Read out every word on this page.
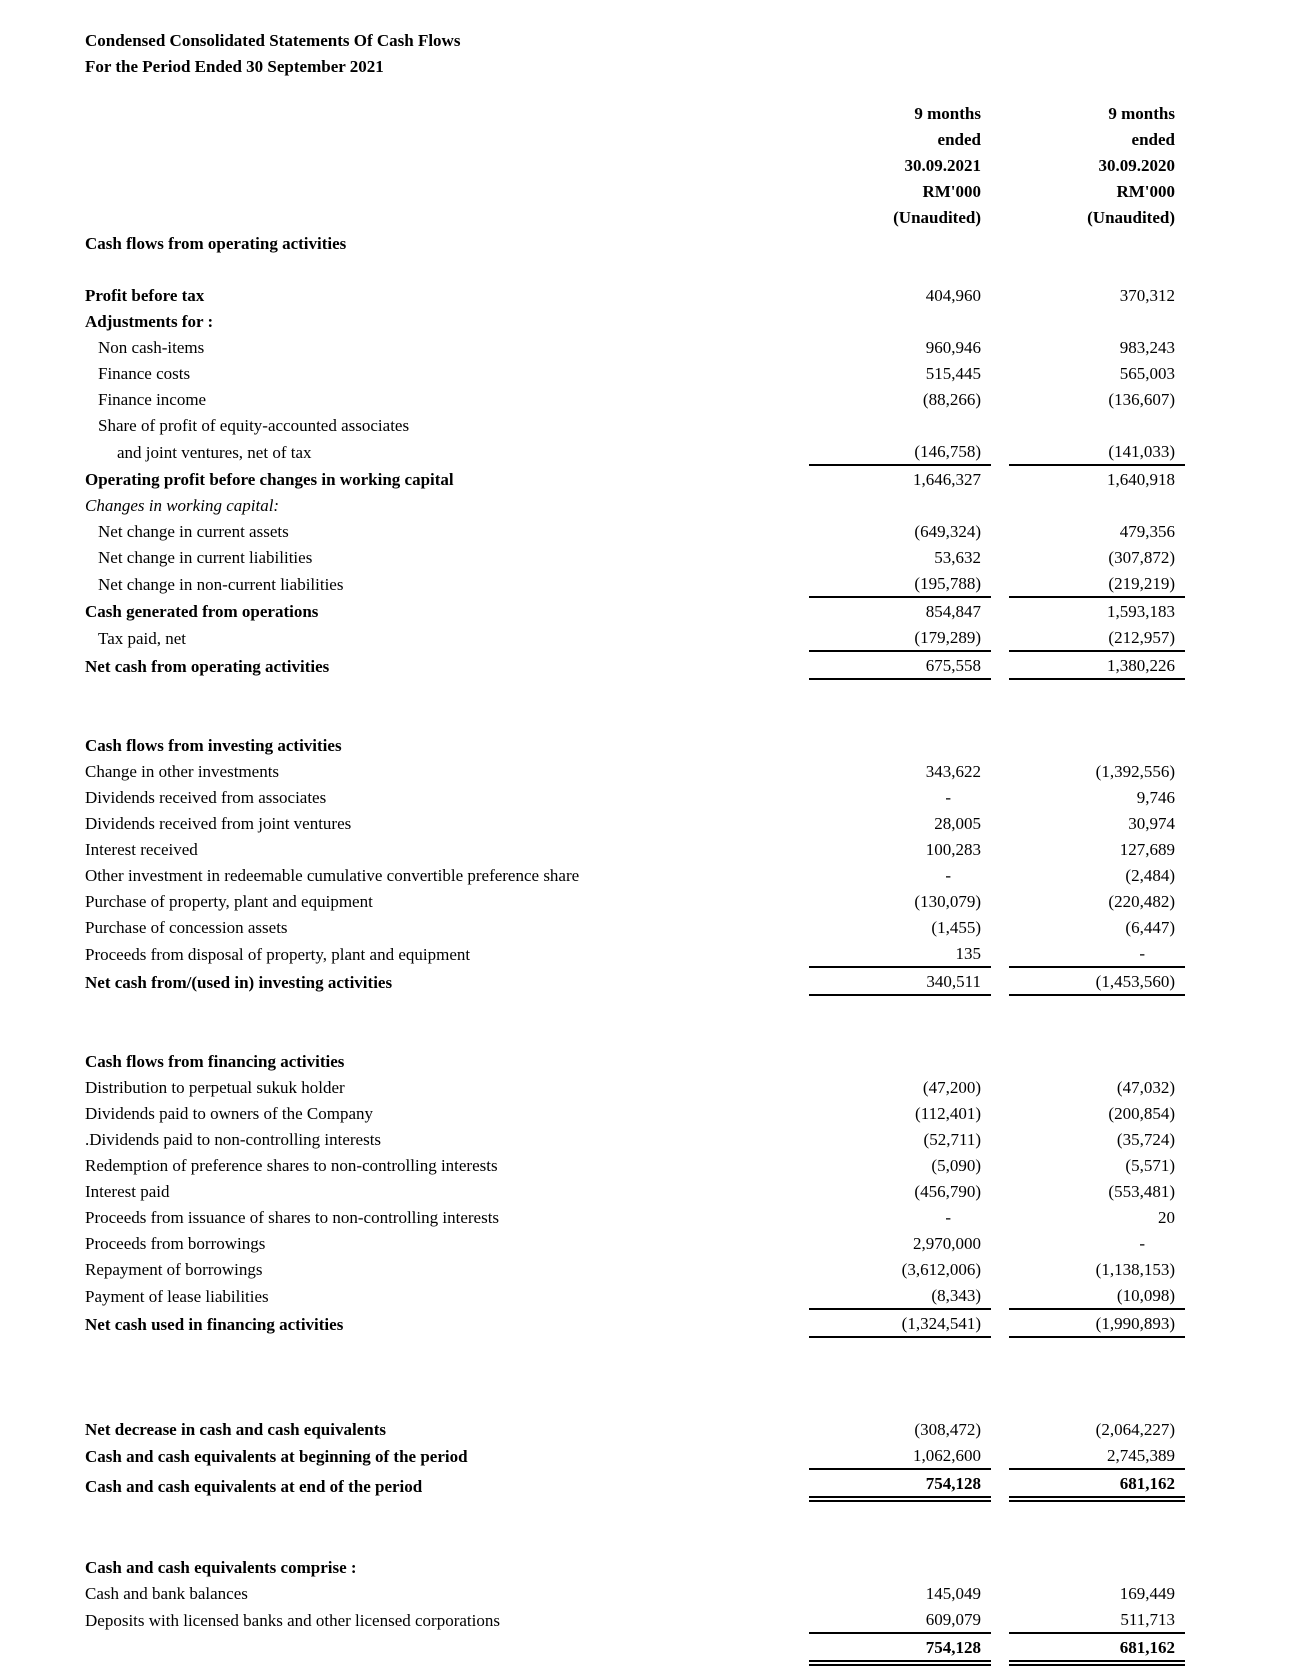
Condensed Consolidated Statements Of Cash Flows
For the Period Ended 30 September 2021
	9 months		9 months
	ended		ended
	30.09.2021		30.09.2020
	RM'000		RM'000
	(Unaudited)		(Unaudited)
Cash flows from operating activities			

Profit before tax	404,960		370,312
Adjustments for :			
Non cash-items	960,946		983,243
Finance costs	515,445		565,003
Finance income	(88,266)		(136,607)
Share of profit of equity-accounted associates			
and joint ventures, net of tax	(146,758)		(141,033)
Operating profit before changes in working capital	1,646,327		1,640,918
Changes in working capital:			
Net change in current assets	(649,324)		479,356
Net change in current liabilities	53,632		(307,872)
Net change in non-current liabilities	(195,788)		(219,219)
Cash generated from operations	854,847		1,593,183
Tax paid, net	(179,289)		(212,957)
Net cash from operating activities	675,558		1,380,226

Cash flows from investing activities			
Change in other investments	343,622		(1,392,556)
Dividends received from associates	-		9,746
Dividends received from joint ventures	28,005		30,974
Interest received	100,283		127,689
Other investment in redeemable cumulative convertible preference share	-		(2,484)
Purchase of property, plant and equipment	(130,079)		(220,482)
Purchase of concession assets	(1,455)		(6,447)
Proceeds from disposal of property, plant and equipment	135		-
Net cash from/(used in) investing activities	340,511		(1,453,560)

Cash flows from financing activities			
Distribution to perpetual sukuk holder	(47,200)		(47,032)
Dividends paid to owners of the Company	(112,401)		(200,854)
.Dividends paid to non-controlling interests	(52,711)		(35,724)
Redemption of preference shares to non-controlling interests	(5,090)		(5,571)
Interest paid	(456,790)		(553,481)
Proceeds from issuance of shares to non-controlling interests	-		20
Proceeds from borrowings	2,970,000		-
Repayment of borrowings	(3,612,006)		(1,138,153)
Payment of lease liabilities	(8,343)		(10,098)
Net cash used in financing activities	(1,324,541)		(1,990,893)

Net decrease in cash and cash equivalents	(308,472)		(2,064,227)
Cash and cash equivalents at beginning of the period	1,062,600		2,745,389
Cash and cash equivalents at end of the period	754,128		681,162

Cash and cash equivalents comprise :			
Cash and bank balances	145,049		169,449
Deposits with licensed banks and other licensed corporations	609,079		511,713
	754,128		681,162
